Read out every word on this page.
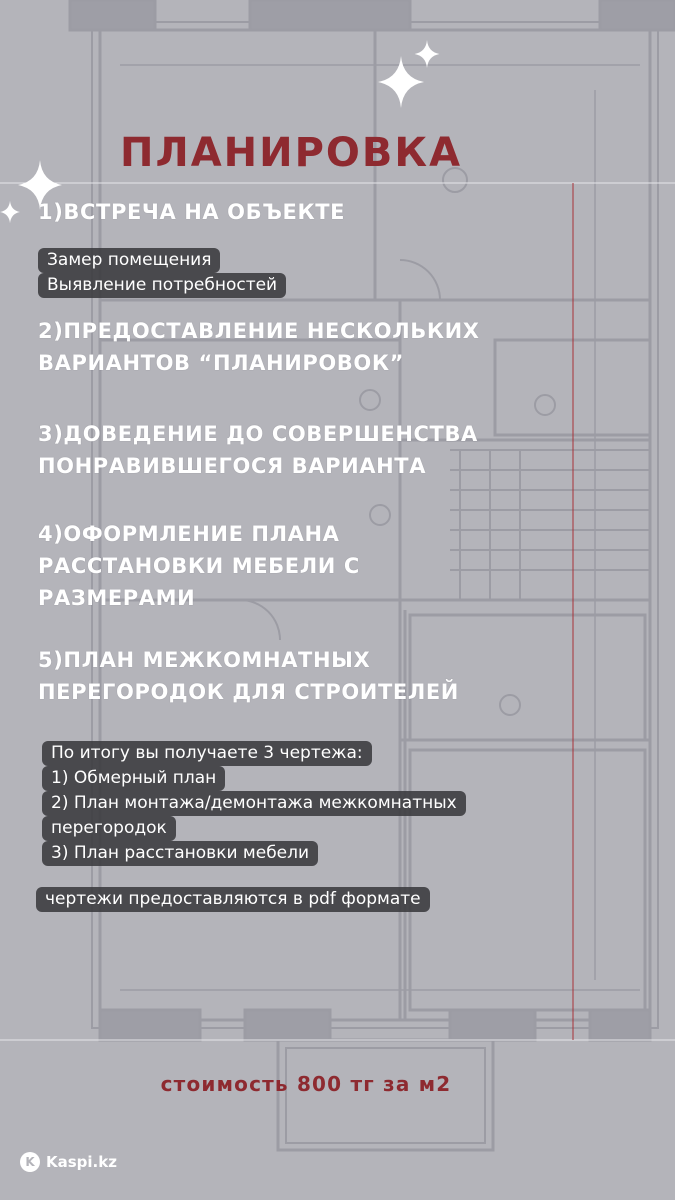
ПЛАНИРОВКА
1)ВСТРЕЧА НА ОБЪЕКТЕ
Замер помещения
Выявление потребностей
2)ПРЕДОСТАВЛЕНИЕ НЕСКОЛЬКИХ
ВАРИАНТОВ “ПЛАНИРОВОК”
3)ДОВЕДЕНИЕ ДО СОВЕРШЕНСТВА
ПОНРАВИВШЕГОСЯ ВАРИАНТА
4)ОФОРМЛЕНИЕ ПЛАНА
РАССТАНОВКИ МЕБЕЛИ С
РАЗМЕРАМИ
5)ПЛАН МЕЖКОМНАТНЫХ
ПЕРЕГОРОДОК ДЛЯ СТРОИТЕЛЕЙ
По итогу вы получаете 3 чертежа:
1) Обмерный план
2) План монтажа/демонтажа межкомнатных
перегородок
3) План расстановки мебели
чертежи предоставляются в pdf формате
стоимость 800 тг за м2
K Kaspi.kz
